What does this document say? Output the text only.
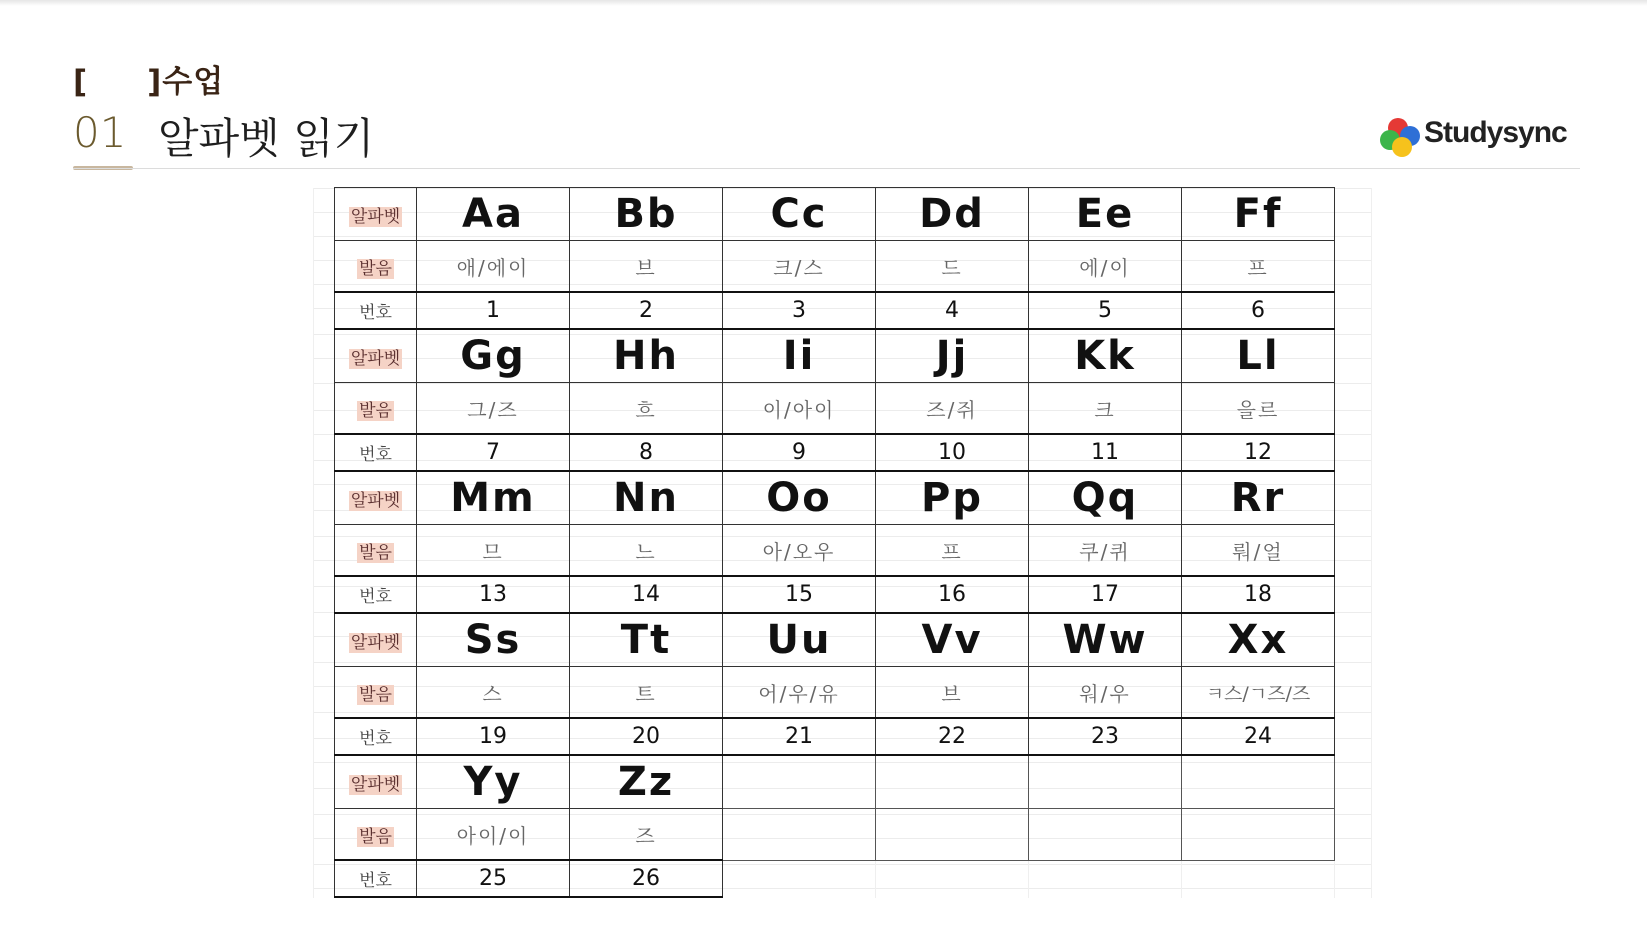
[     ]수업
01 알파벳 읽기	Studysync
알파벳	Aa	Bb	Cc	Dd	Ee	Ff
발음	애/에이	브	크/스	드	에/이	프
번호	1	2	3	4	5	6
알파벳	Gg	Hh	Ii	Jj	Kk	Ll
발음	그/즈	흐	이/아이	즈/쥐	크	을르
번호	7	8	9	10	11	12
알파벳	Mm	Nn	Oo	Pp	Qq	Rr
발음	므	느	아/오우	프	쿠/퀴	뤄/얼
번호	13	14	15	16	17	18
알파벳	Ss	Tt	Uu	Vv	Ww	Xx
발음	스	트	어/우/유	브	워/우	ㅋ스/ㄱ즈/즈
번호	19	20	21	22	23	24
알파벳	Yy	Zz				
발음	아이/이	즈				
번호	25	26				
